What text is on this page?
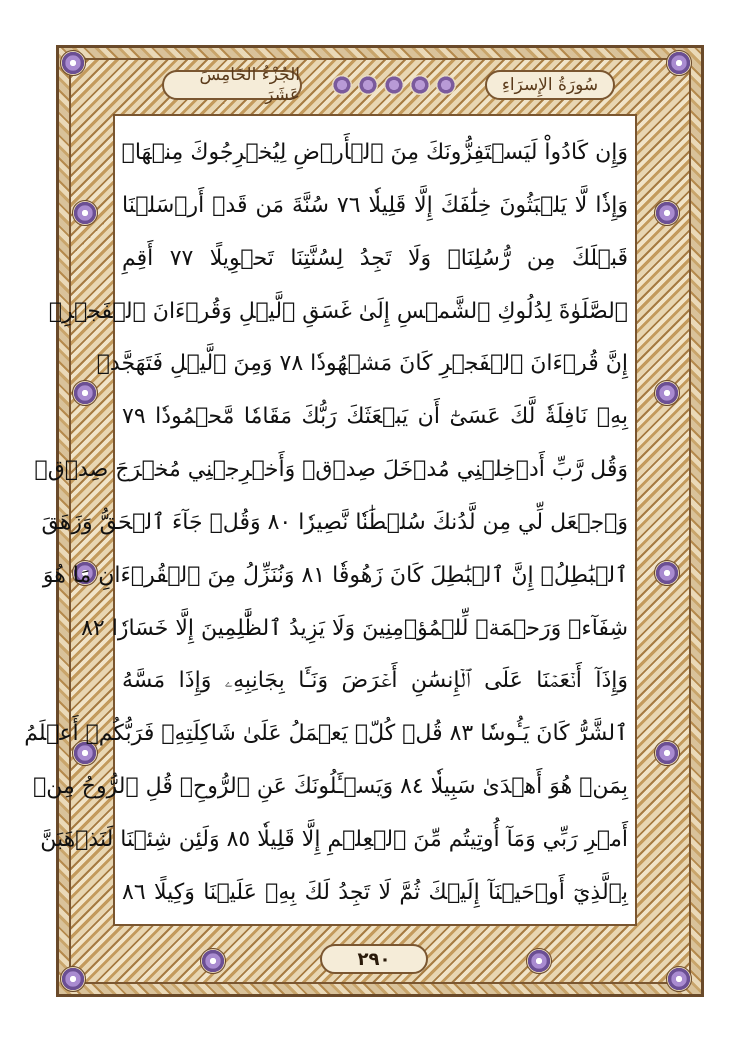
سُورَةُ الإِسرَاءِ
الجُزْءُ الخَامِسَ عَشَرَ
وَإِن كَادُواْ لَيَسۡتَفِزُّونَكَ مِنَ ٱلۡأَرۡضِ لِيُخۡرِجُوكَ مِنۡهَاۖ
وَإِذٗا لَّا يَلۡبَثُونَ خِلَٰفَكَ إِلَّا قَلِيلٗا ٧٦ سُنَّةَ مَن قَدۡ أَرۡسَلۡنَا
قَبۡلَكَ مِن رُّسُلِنَاۖ وَلَا تَجِدُ لِسُنَّتِنَا تَحۡوِيلًا ٧٧ أَقِمِ
ٱلصَّلَوٰةَ لِدُلُوكِ ٱلشَّمۡسِ إِلَىٰ غَسَقِ ٱلَّيۡلِ وَقُرۡءَانَ ٱلۡفَجۡرِۖ
إِنَّ قُرۡءَانَ ٱلۡفَجۡرِ كَانَ مَشۡهُودٗا ٧٨ وَمِنَ ٱلَّيۡلِ فَتَهَجَّدۡ
بِهِۦ نَافِلَةٗ لَّكَ عَسَىٰٓ أَن يَبۡعَثَكَ رَبُّكَ مَقَامٗا مَّحۡمُودٗا ٧٩
وَقُل رَّبِّ أَدۡخِلۡنِي مُدۡخَلَ صِدۡقٖ وَأَخۡرِجۡنِي مُخۡرَجَ صِدۡقٖ
وَٱجۡعَل لِّي مِن لَّدُنكَ سُلۡطَٰنٗا نَّصِيرٗا ٨٠ وَقُلۡ جَآءَ ٱلۡحَقُّ وَزَهَقَ
ٱلۡبَٰطِلُۚ إِنَّ ٱلۡبَٰطِلَ كَانَ زَهُوقٗا ٨١ وَنُنَزِّلُ مِنَ ٱلۡقُرۡءَانِ مَا هُوَ
شِفَآءٞ وَرَحۡمَةٞ لِّلۡمُؤۡمِنِينَ وَلَا يَزِيدُ ٱلظَّٰلِمِينَ إِلَّا خَسَارٗا ٨٢
وَإِذَآ أَنۡعَمۡنَا عَلَى ٱلۡإِنسَٰنِ أَعۡرَضَ وَنَـَٔا بِجَانِبِهِۦ وَإِذَا مَسَّهُ
ٱلشَّرُّ كَانَ يَـُٔوسٗا ٨٣ قُلۡ كُلّٞ يَعۡمَلُ عَلَىٰ شَاكِلَتِهِۦ فَرَبُّكُمۡ أَعۡلَمُ
بِمَنۡ هُوَ أَهۡدَىٰ سَبِيلٗا ٨٤ وَيَسۡـَٔلُونَكَ عَنِ ٱلرُّوحِۖ قُلِ ٱلرُّوحُ مِنۡ
أَمۡرِ رَبِّي وَمَآ أُوتِيتُم مِّنَ ٱلۡعِلۡمِ إِلَّا قَلِيلٗا ٨٥ وَلَئِن شِئۡنَا لَنَذۡهَبَنَّ
بِٱلَّذِيٓ أَوۡحَيۡنَآ إِلَيۡكَ ثُمَّ لَا تَجِدُ لَكَ بِهِۦ عَلَيۡنَا وَكِيلًا ٨٦
٢٩٠
